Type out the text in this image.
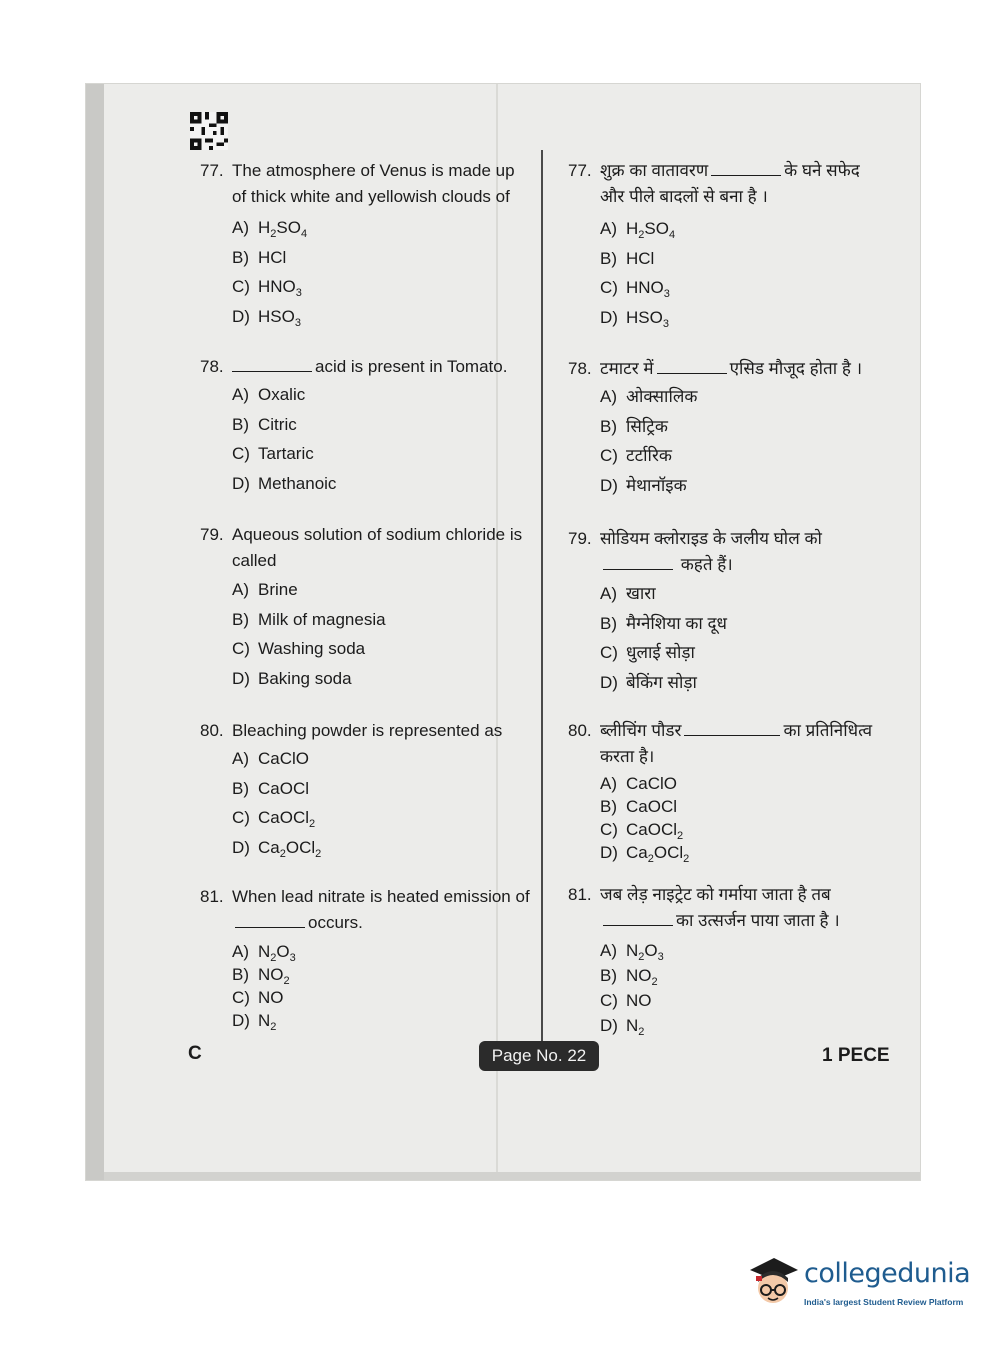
77. The atmosphere of Venus is made up of thick white and yellowish clouds of
A) $H_2SO_4$
B) HCl
C) $HNO_3$
D) $HSO_3$
78.	acid is present in Tomato.
A) Oxalic
B) Citric
C) Tartaric
D) Methanoic
79. Aqueous solution of sodium chloride is called
A) Brine
B) Milk of magnesia
C) Washing soda
D) Baking soda
80. Bleaching powder is represented as
A) CaClO
B) CaOCl
C) CaOCl$_2$
D) $Ca_2OCl_2$
81. When lead nitrate is heated emission ofoccurs.
A) $N_2O_3$
B) $NO_2$
C) NO
D) $N_2$
77. शुक्र का वातावरण	के घने सफेद और पीले बादलों से बना है ।
A) $H_2SO_4$
B) HCl
C) $HNO_3$
D) $HSO_3$
78. टमाटर में	एसिड मौजूद होता है ।
A) ओक्सालिक
B) सिट्रिक
C) टर्टारिक
D) मेथानॉइक
79. सोडियम क्लोराइड के जलीय घोल को कहते हैं।
A) खारा
B) मैग्नेशिया का दूध
C) धुलाई सोड़ा
D) बेकिंग सोड़ा
80. ब्लीचिंग पौडर	का प्रतिनिधित्व करता है।
A) CaClO
B) CaOCl
C) CaOCl$_2$
D) $Ca_2OCl_2$
81. जब लेड़ नाइट्रेट को गर्माया जाता है तबका उत्सर्जन पाया जाता है ।
A) $N_2O_3$
B) $NO_2$
C) NO
D) $N_2$
C	Page No. 22	1 PECE
collegedunia
India's largest Student Review Platform
